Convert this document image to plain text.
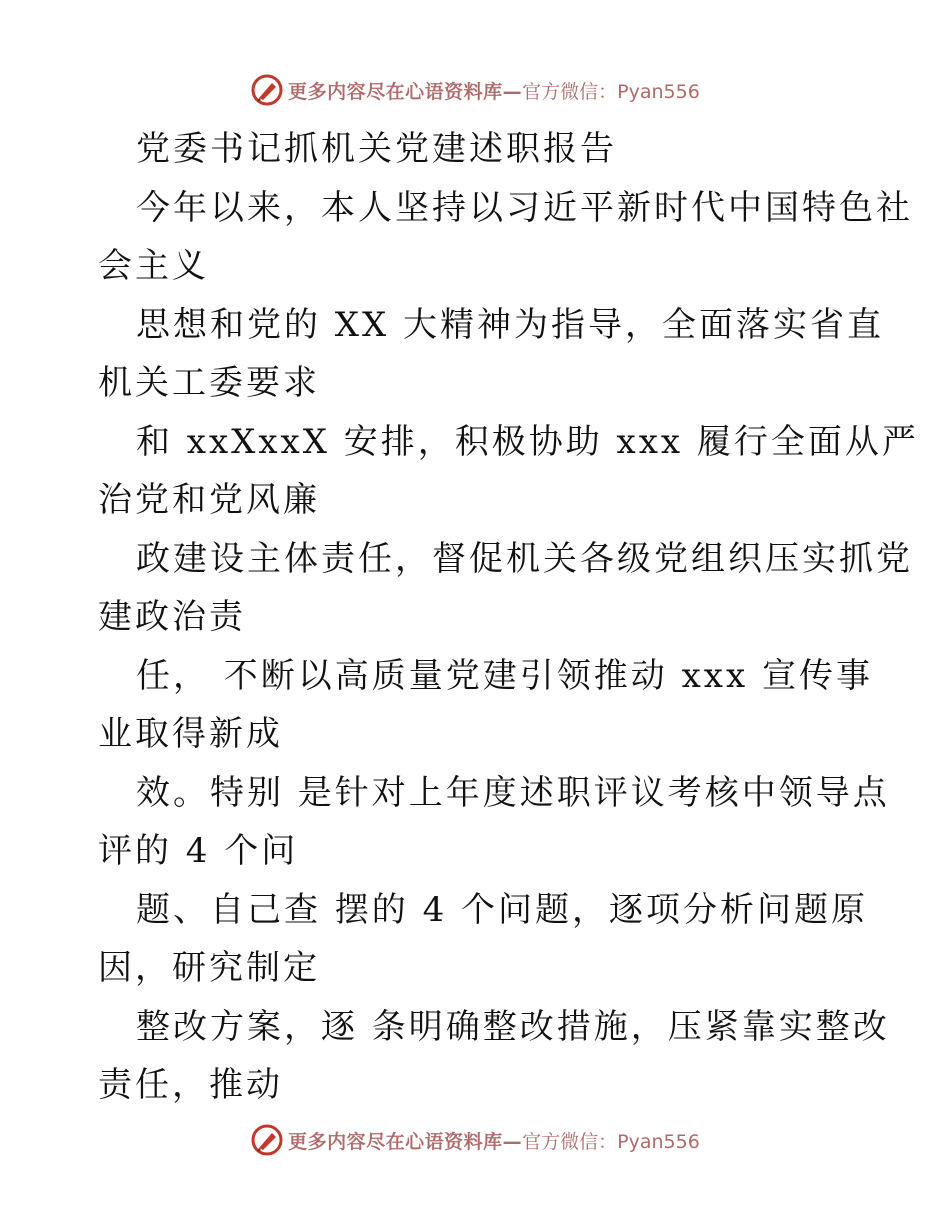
更多内容尽在心语资料库— 官方微信：Pyan556
党委书记抓机关党建述职报告
今年以来，本人坚持以习近平新时代中国特色社
会主义
思想和党的 XX 大精神为指导，全面落实省直
机关工委要求
和 xxXxxX 安排，积极协助 xxx 履行全面从严
治党和党风廉
政建设主体责任，督促机关各级党组织压实抓党
建政治责
任， 不断以高质量党建引领推动 xxx 宣传事
业取得新成
效。特别 是针对上年度述职评议考核中领导点
评的 4 个问
题、自己查 摆的 4 个问题，逐项分析问题原
因，研究制定
整改方案，逐 条明确整改措施，压紧靠实整改
责任，推动
更多内容尽在心语资料库— 官方微信：Pyan556
